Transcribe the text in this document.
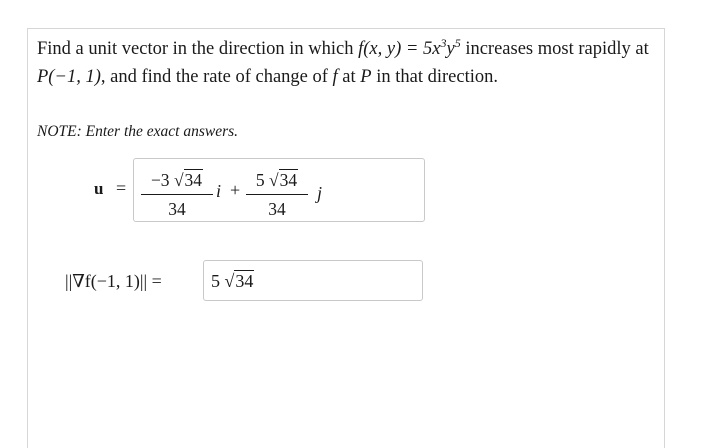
Find a unit vector in the direction in which f(x, $y) = 5x^3y^5$ increases most rapidly at P(−1, 1), and find the rate of change of f at P in that direction.
NOTE: Enter the exact answers.
u =	−3 √34
34
i + 5 √34
34
j
||∇f(−1, 1)|| =	5 √34
